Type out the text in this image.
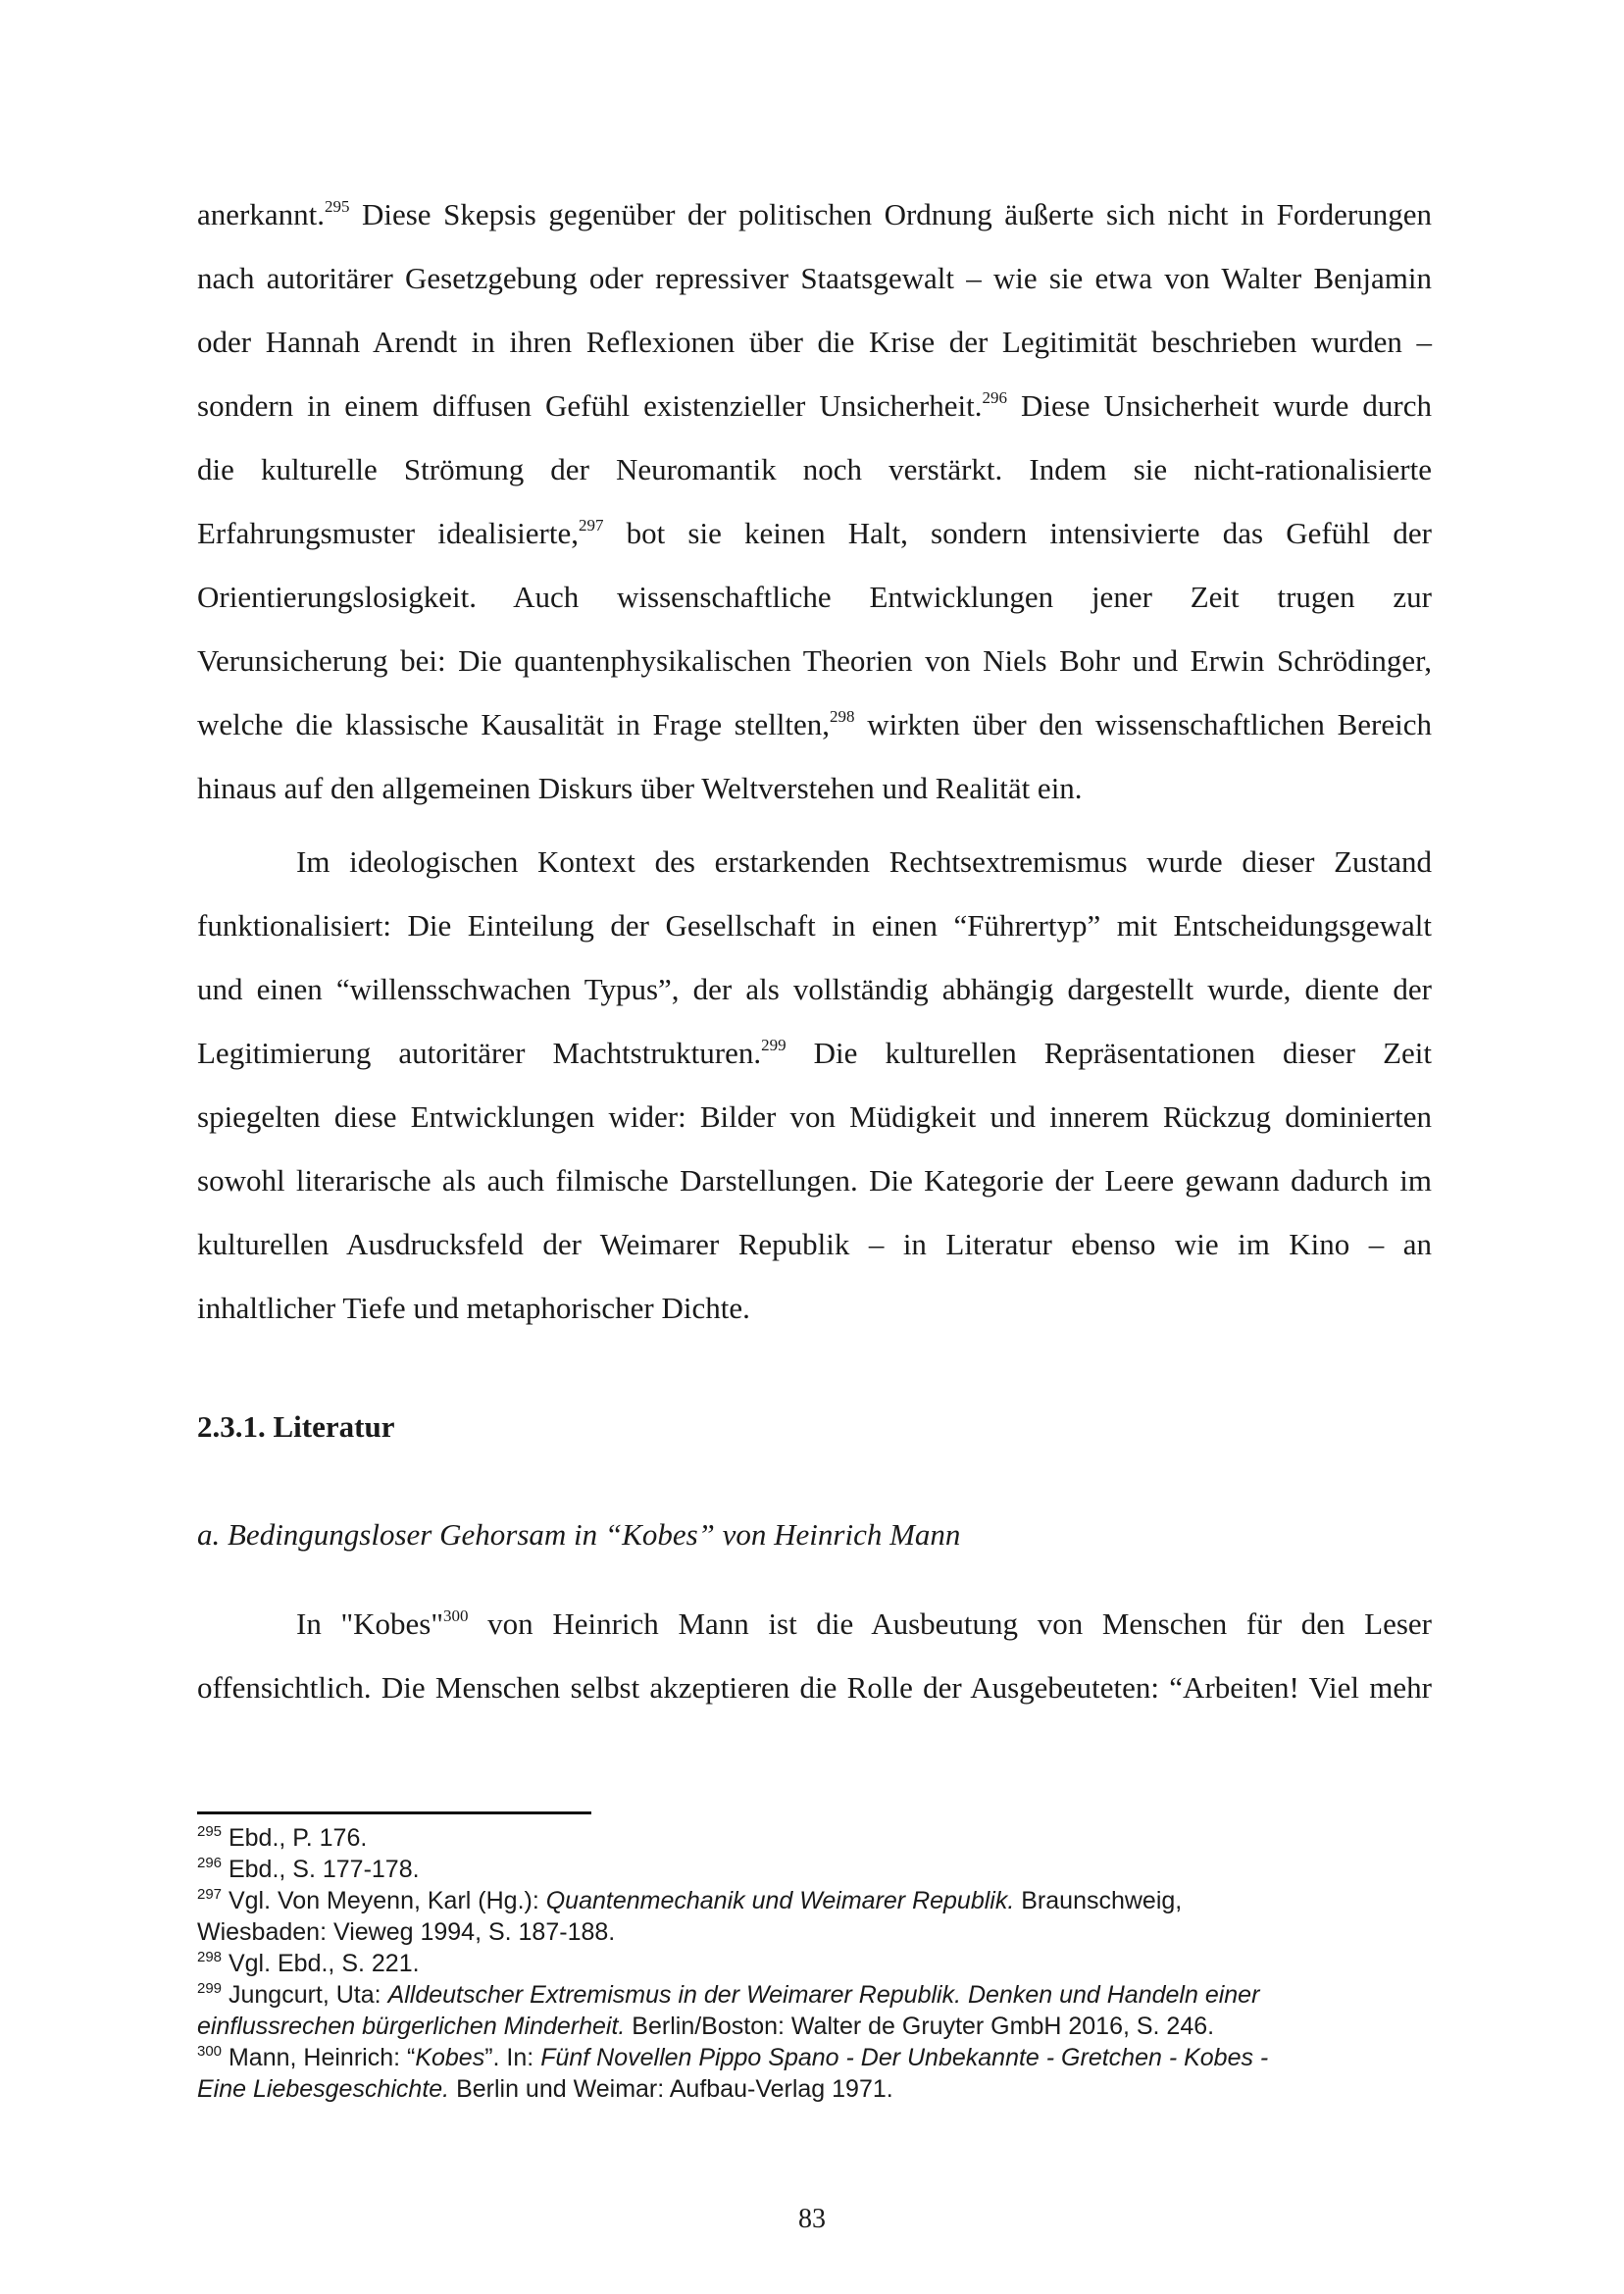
anerkannt.$^{295}$ Diese Skepsis gegenüber der politischen Ordnung äußerte sich nicht in Forderungen
nach autoritärer Gesetzgebung oder repressiver Staatsgewalt – wie sie etwa von Walter Benjamin
oder Hannah Arendt in ihren Reflexionen über die Krise der Legitimität beschrieben wurden –
sondern in einem diffusen Gefühl existenzieller Unsicherheit.$^{296}$ Diese Unsicherheit wurde durch
die kulturelle Strömung der Neuromantik noch verstärkt. Indem sie nicht-rationalisierte
Erfahrungsmuster idealisierte,$^{297}$ bot sie keinen Halt, sondern intensivierte das Gefühl der
Orientierungslosigkeit. Auch wissenschaftliche Entwicklungen jener Zeit trugen zur
Verunsicherung bei: Die quantenphysikalischen Theorien von Niels Bohr und Erwin Schrödinger,
welche die klassische Kausalität in Frage stellten,$^{298}$ wirkten über den wissenschaftlichen Bereich
hinaus auf den allgemeinen Diskurs über Weltverstehen und Realität ein.
Im ideologischen Kontext des erstarkenden Rechtsextremismus wurde dieser Zustand
funktionalisiert: Die Einteilung der Gesellschaft in einen “Führertyp” mit Entscheidungsgewalt
und einen “willensschwachen Typus”, der als vollständig abhängig dargestellt wurde, diente der
Legitimierung autoritärer Machtstrukturen.$^{299}$ Die kulturellen Repräsentationen dieser Zeit
spiegelten diese Entwicklungen wider: Bilder von Müdigkeit und innerem Rückzug dominierten
sowohl literarische als auch filmische Darstellungen. Die Kategorie der Leere gewann dadurch im
kulturellen Ausdrucksfeld der Weimarer Republik – in Literatur ebenso wie im Kino – an
inhaltlicher Tiefe und metaphorischer Dichte.
2.3.1. Literatur
a. Bedingungsloser Gehorsam in “Kobes” von Heinrich Mann
In "Kobes"$^{300}$ von Heinrich Mann ist die Ausbeutung von Menschen für den Leser
offensichtlich. Die Menschen selbst akzeptieren die Rolle der Ausgebeuteten: “Arbeiten! Viel mehr
$^{295}$ Ebd., P. 176.
$^{296}$ Ebd., S. 177-178.
$^{297}$ Vgl. Von Meyenn, Karl (Hg.): Quantenmechanik und Weimarer Republik. Braunschweig,
Wiesbaden: Vieweg 1994, S. 187-188.
$^{298}$ Vgl. Ebd., S. 221.
$^{299}$ Jungcurt, Uta: Alldeutscher Extremismus in der Weimarer Republik. Denken und Handeln einer
einflussrechen bürgerlichen Minderheit. Berlin/Boston: Walter de Gruyter GmbH 2016, S. 246.
$^{300}$ Mann, Heinrich: “Kobes”. In: Fünf Novellen Pippo Spano - Der Unbekannte - Gretchen - Kobes -
Eine Liebesgeschichte. Berlin und Weimar: Aufbau-Verlag 1971.
83
